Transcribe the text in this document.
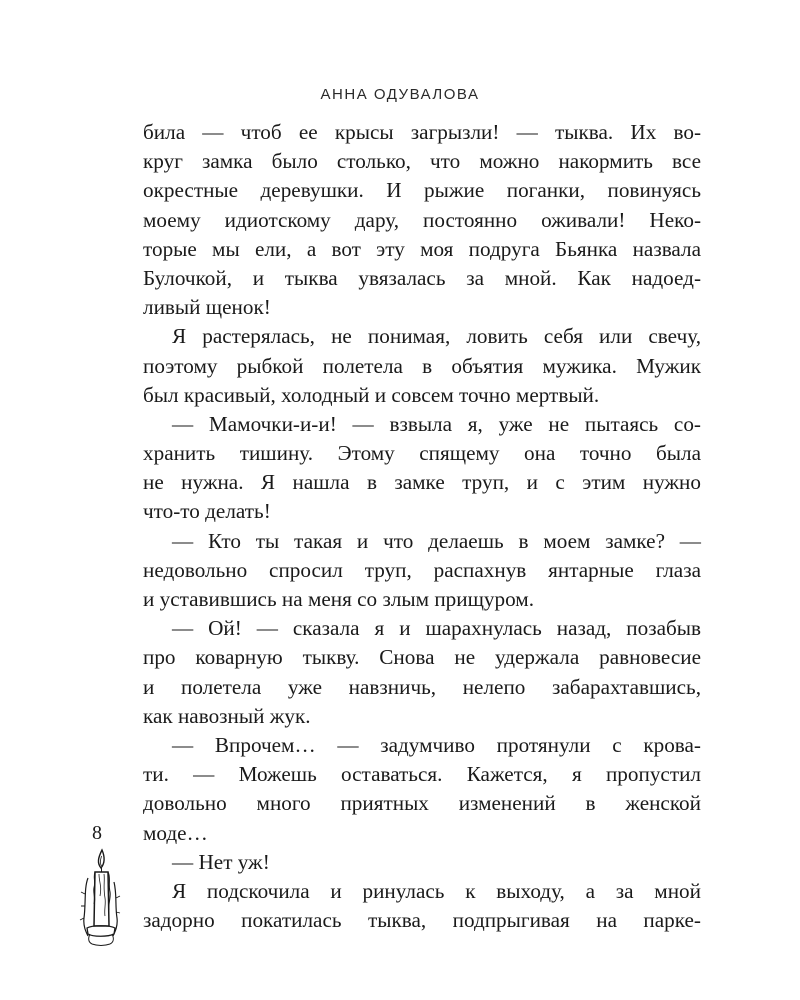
АННА ОДУВАЛОВА
била — чтоб ее крысы загрызли! — тыква. Их во-
круг замка было столько, что можно накормить все
окрестные деревушки. И рыжие поганки, повинуясь
моему идиотскому дару, постоянно оживали! Неко-
торые мы ели, а вот эту моя подруга Бьянка назвала
Булочкой, и тыква увязалась за мной. Как надоед-
ливый щенок!
Я растерялась, не понимая, ловить себя или свечу,
поэтому рыбкой полетела в объятия мужика. Мужик
был красивый, холодный и совсем точно мертвый.
— Мамочки-и-и! — взвыла я, уже не пытаясь со-
хранить тишину. Этому спящему она точно была
не нужна. Я нашла в замке труп, и с этим нужно
что-то делать!
— Кто ты такая и что делаешь в моем замке? —
недовольно спросил труп, распахнув янтарные глаза
и уставившись на меня со злым прищуром.
— Ой! — сказала я и шарахнулась назад, позабыв
про коварную тыкву. Снова не удержала равновесие
и полетела уже навзничь, нелепо забарахтавшись,
как навозный жук.
— Впрочем… — задумчиво протянули с крова-
ти. — Можешь оставаться. Кажется, я пропустил
довольно много приятных изменений в женской
моде…
— Нет уж!
Я подскочила и ринулась к выходу, а за мной
задорно покатилась тыква, подпрыгивая на парке-
8
